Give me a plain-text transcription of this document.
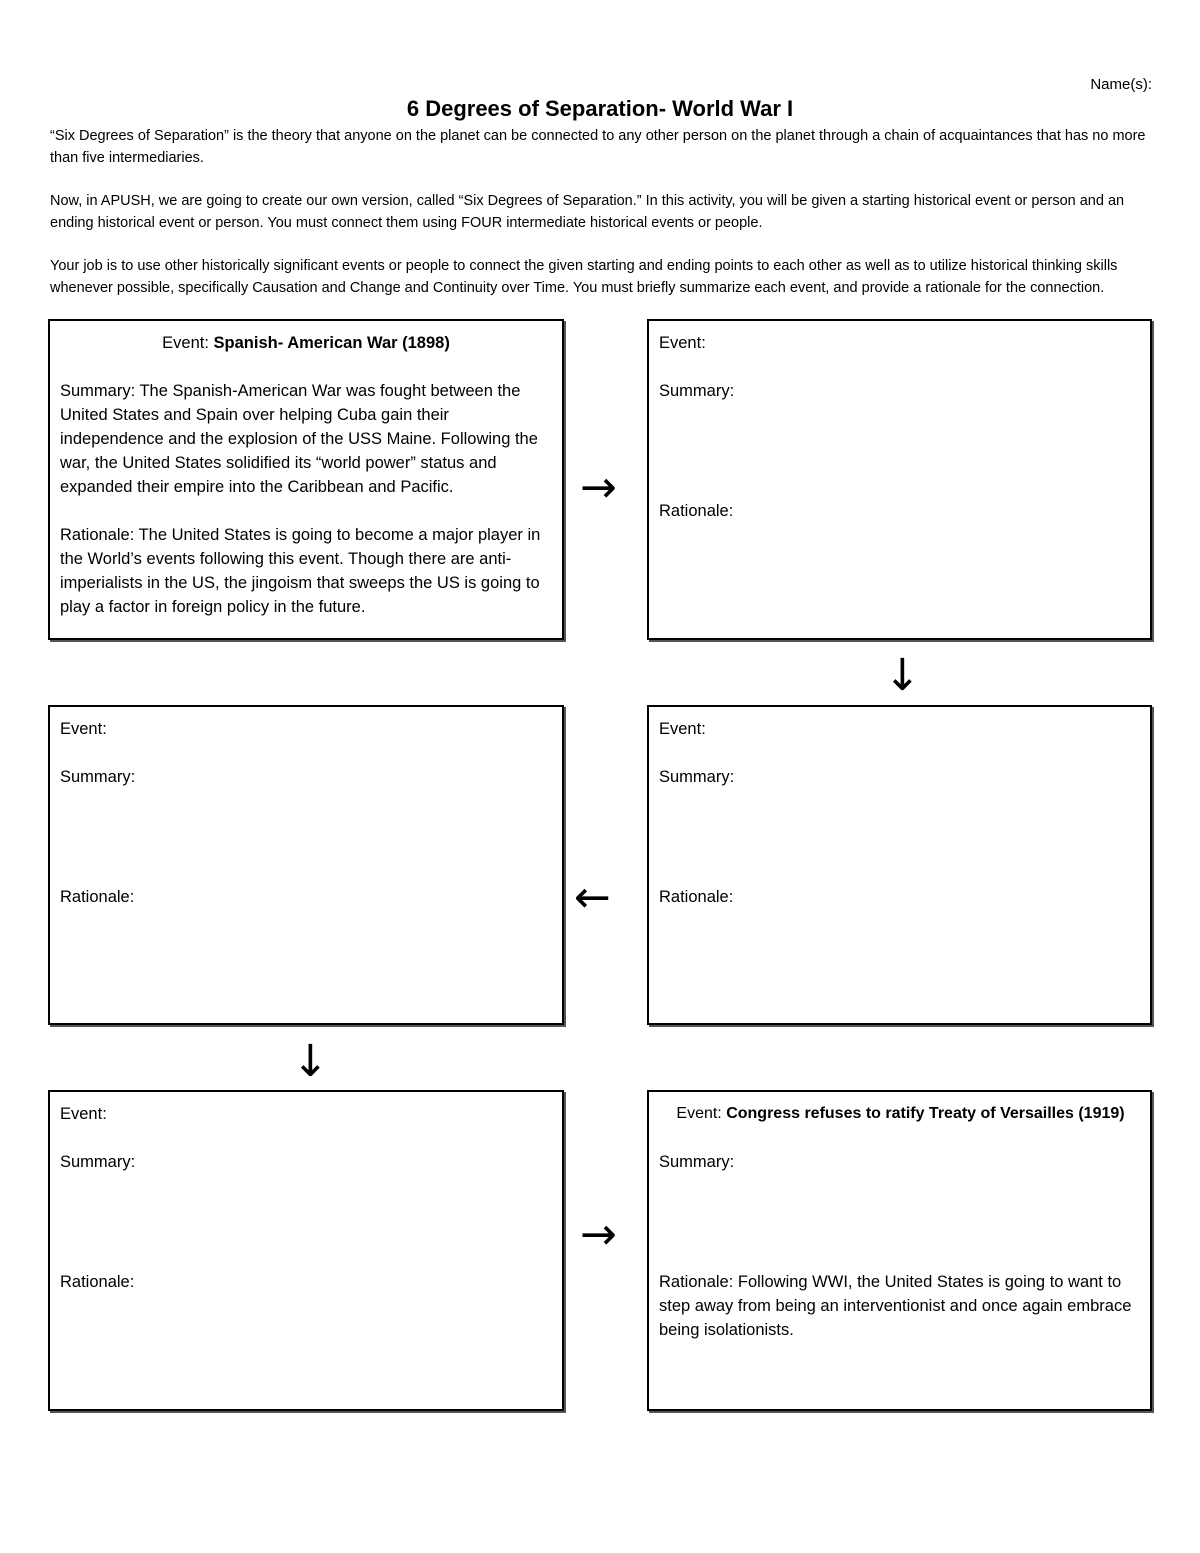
Name(s):
6 Degrees of Separation- World War I

“Six Degrees of Separation” is the theory that anyone on the planet can be connected to any other person on the planet through a chain of acquaintances that has no more than five intermediaries.

Now, in APUSH, we are going to create our own version, called “Six Degrees of Separation.” In this activity, you will be given a starting historical event or person and an ending historical event or person. You must connect them using FOUR intermediate historical events or people.

Your job is to use other historically significant events or people to connect the given starting and ending points to each other as well as to utilize historical thinking skills whenever possible, specifically Causation and Change and Continuity over Time. You must briefly summarize each event, and provide a rationale for the connection.

Event: Spanish- American War (1898)

Summary: The Spanish-American War was fought between the United States and Spain over helping Cuba gain their independence and the explosion of the USS Maine. Following the war, the United States solidified its “world power” status and expanded their empire into the Caribbean and Pacific.

Rationale: The United States is going to become a major player in the World’s events following this event. Though there are anti-imperialists in the US, the jingoism that sweeps the US is going to play a factor in foreign policy in the future.

→
Event:
Summary:
Rationale:
↓
Event:
Summary:
Rationale:
←
Event:
Summary:
Rationale:
↓
Event:
Summary:
Rationale:
→
Event: Congress refuses to ratify Treaty of Versailles (1919)
Summary:
Rationale: Following WWI, the United States is going to want to step away from being an interventionist and once again embrace being isolationists.
